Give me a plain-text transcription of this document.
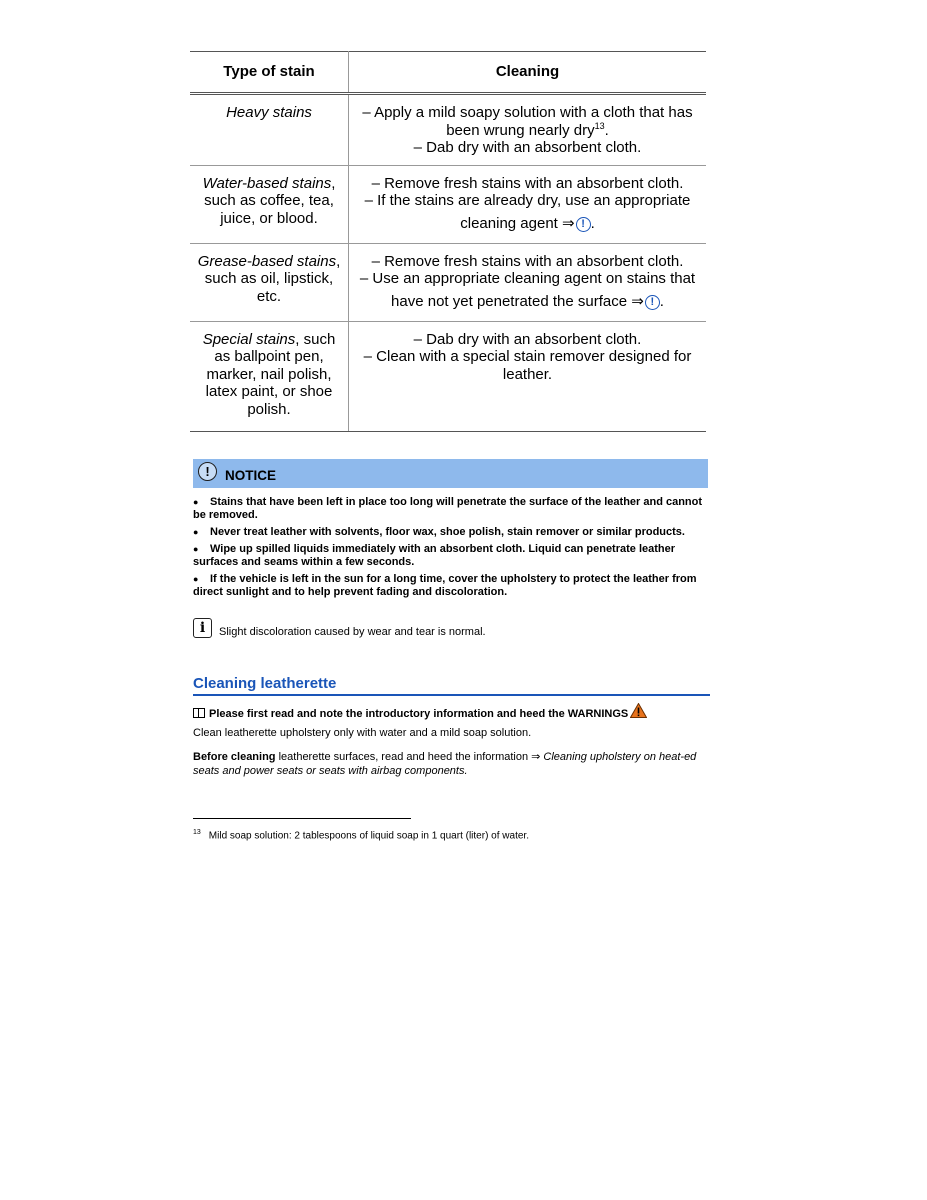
Type of stain	Cleaning
Heavy stains	– Apply a mild soapy solution with a cloth that has
been wrung nearly dry$^{13}$.
– Dab dry with an absorbent cloth.

Water-based stains, such as coffee, tea, juice, or blood.	– Remove fresh stains with an absorbent cloth.
– If the stains are already dry, use an appropriate
cleaning agent ⇒ ! .
Grease-based stains, such as oil, lipstick, etc.	– Remove fresh stains with an absorbent cloth.
– Use an appropriate cleaning agent on stains that
have not yet penetrated the surface ⇒ ! .
Special stains, such as ballpoint pen, marker, nail polish, latex paint, or shoe polish.	– Dab dry with an absorbent cloth.
– Clean with a special stain remover designed for leather.
!	NOTICE
● Stains that have been left in place too long will penetrate the surface of the leather and cannot be removed.
● Never treat leather with solvents, floor wax, shoe polish, stain remover or similar products.
● Wipe up spilled liquids immediately with an absorbent cloth. Liquid can penetrate leather surfaces and seams within a few seconds.
● If the vehicle is left in the sun for a long time, cover the upholstery to protect the leather from direct sunlight and to help prevent fading and discoloration.
i	Slight discoloration caused by wear and tear is normal.
Cleaning leatherette
Please first read and note the introductory information and heed the WARNINGS
Clean leatherette upholstery only with water and a mild soap solution.
Before cleaning leatherette surfaces, read and heed the information ⇒ Cleaning upholstery on heat-ed seats and power seats or seats with airbag components.
$^{13}$ Mild soap solution: 2 tablespoons of liquid soap in 1 quart (liter) of water.
